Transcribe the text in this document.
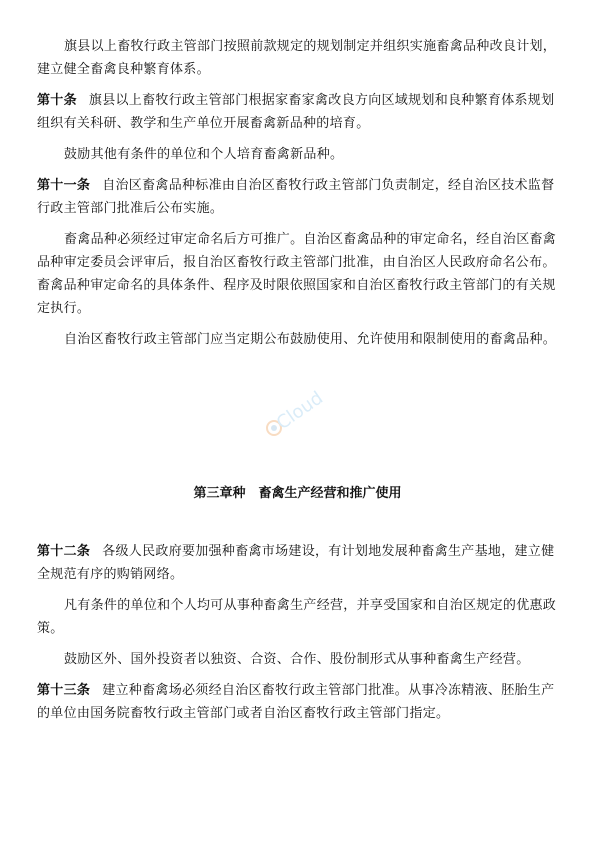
旗县以上畜牧行政主管部门按照前款规定的规划制定并组织实施畜禽品种改良计划，建立健全畜禽良种繁育体系。

第十条 旗县以上畜牧行政主管部门根据家畜家禽改良方向区域规划和良种繁育体系规划组织有关科研、教学和生产单位开展畜禽新品种的培育。

鼓励其他有条件的单位和个人培育畜禽新品种。

第十一条 自治区畜禽品种标准由自治区畜牧行政主管部门负责制定，经自治区技术监督行政主管部门批准后公布实施。

畜禽品种必须经过审定命名后方可推广。自治区畜禽品种的审定命名，经自治区畜禽品种审定委员会评审后，报自治区畜牧行政主管部门批准，由自治区人民政府命名公布。畜禽品种审定命名的具体条件、程序及时限依照国家和自治区畜牧行政主管部门的有关规定执行。

自治区畜牧行政主管部门应当定期公布鼓励使用、允许使用和限制使用的畜禽品种。

Cloud
第三章种　畜禽生产经营和推广使用

第十二条 各级人民政府要加强种畜禽市场建设，有计划地发展种畜禽生产基地，建立健全规范有序的购销网络。

凡有条件的单位和个人均可从事种畜禽生产经营，并享受国家和自治区规定的优惠政策。

鼓励区外、国外投资者以独资、合资、合作、股份制形式从事种畜禽生产经营。

第十三条 建立种畜禽场必须经自治区畜牧行政主管部门批准。从事冷冻精液、胚胎生产的单位由国务院畜牧行政主管部门或者自治区畜牧行政主管部门指定。
